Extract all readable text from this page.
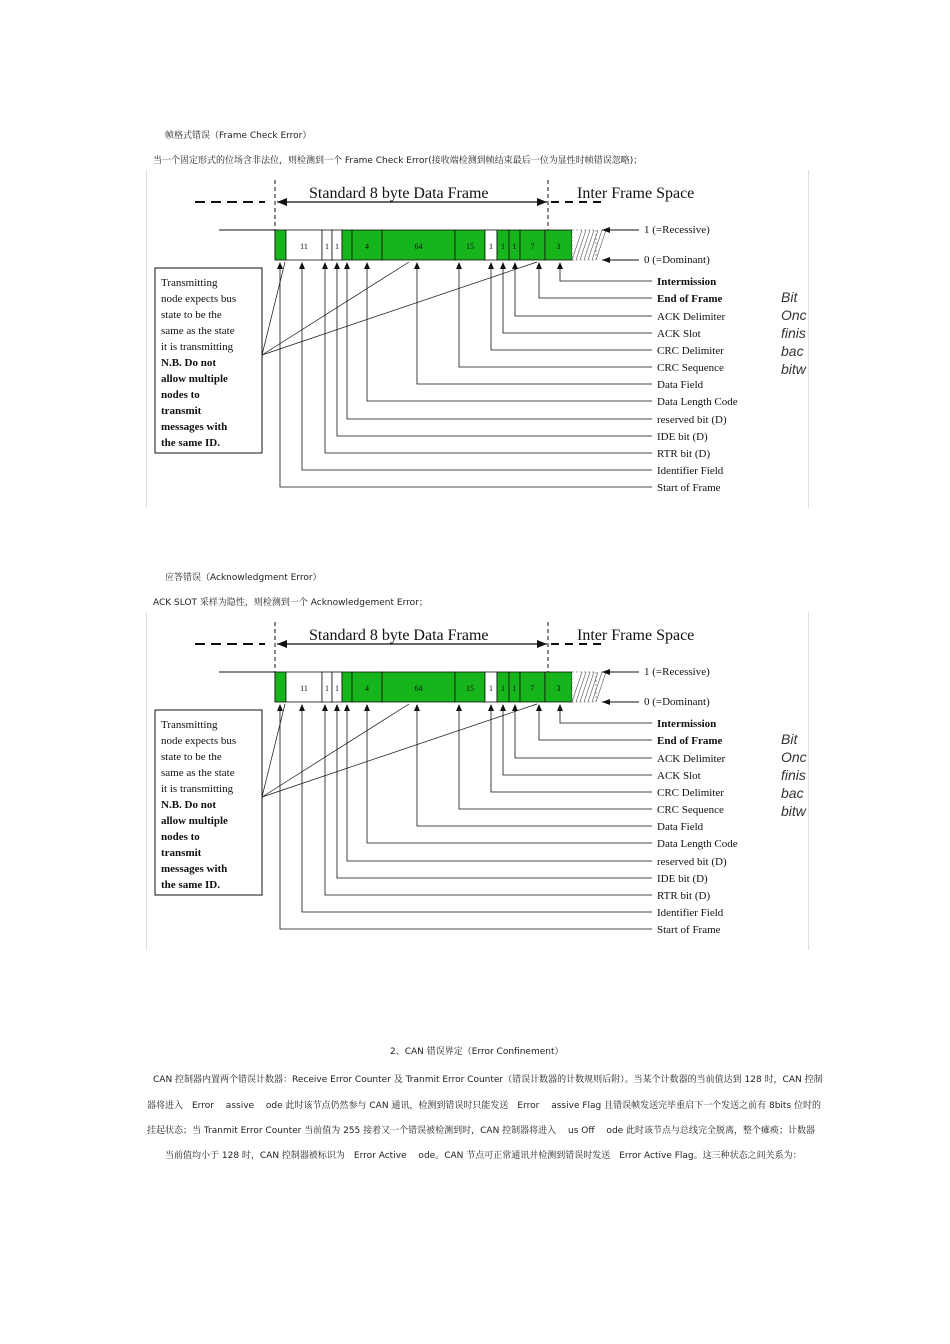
帧格式错误（Frame Check Error）
当一个固定形式的位场含非法位，则检测到一个 Frame Check Error(接收端检测到帧结束最后一位为显性时帧错误忽略)；
Standard 8 byte Data Frame	Inter Frame Space
11 1 1	4	64	15 1 1 1 7	3
1 (=Recessive)
0 (=Dominant)
Transmitting
node expects bus
state to be the
same as the state
it is transmitting
N.B. Do not
allow multiple
nodes to
transmit
messages with
the same ID.
Intermission
End of Frame
ACK Delimiter
ACK Slot
CRC Delimiter
CRC Sequence
Data Field
Data Length Code
reserved bit (D)
IDE bit (D)
RTR bit (D)
Identifier Field
Start of Frame
Bit
Onc
finis
bac
bitw
应答错误（Acknowledgment Error）
ACK SLOT 采样为隐性，则检测到一个 Acknowledgement Error；
Standard 8 byte Data Frame	Inter Frame Space
11 1 1	4	64	15 1 1 1 7	3
1 (=Recessive)
0 (=Dominant)
Transmitting
node expects bus
state to be the
same as the state
it is transmitting
N.B. Do not
allow multiple
nodes to
transmit
messages with
the same ID.
Intermission
End of Frame
ACK Delimiter
ACK Slot
CRC Delimiter
CRC Sequence
Data Field
Data Length Code
reserved bit (D)
IDE bit (D)
RTR bit (D)
Identifier Field
Start of Frame
Bit
Onc
finis
bac
bitw
2、CAN 错误界定（Error Confinement）
CAN 控制器内置两个错误计数器：Receive Error Counter 及 Tranmit Error Counter（错误计数器的计数规则后附）。当某个计数器的当前值达到 128 时，CAN 控制
器将进入　Error　 assive　 ode 此时该节点仍然参与 CAN 通讯，检测到错误时只能发送　Error　 assive Flag 且错误帧发送完毕重启下一个发送之前有 8bits 位时的
挂起状态；当 Tranmit Error Counter 当前值为 255 接着又一个错误被检测到时，CAN 控制器将进入　 us Off　 ode 此时该节点与总线完全脱离，整个瘫痪；计数器
当前值均小于 128 时，CAN 控制器被标识为　Error Active　 ode。CAN 节点可正常通讯并检测到错误时发送　Error Active Flag。这三种状态之间关系为：
